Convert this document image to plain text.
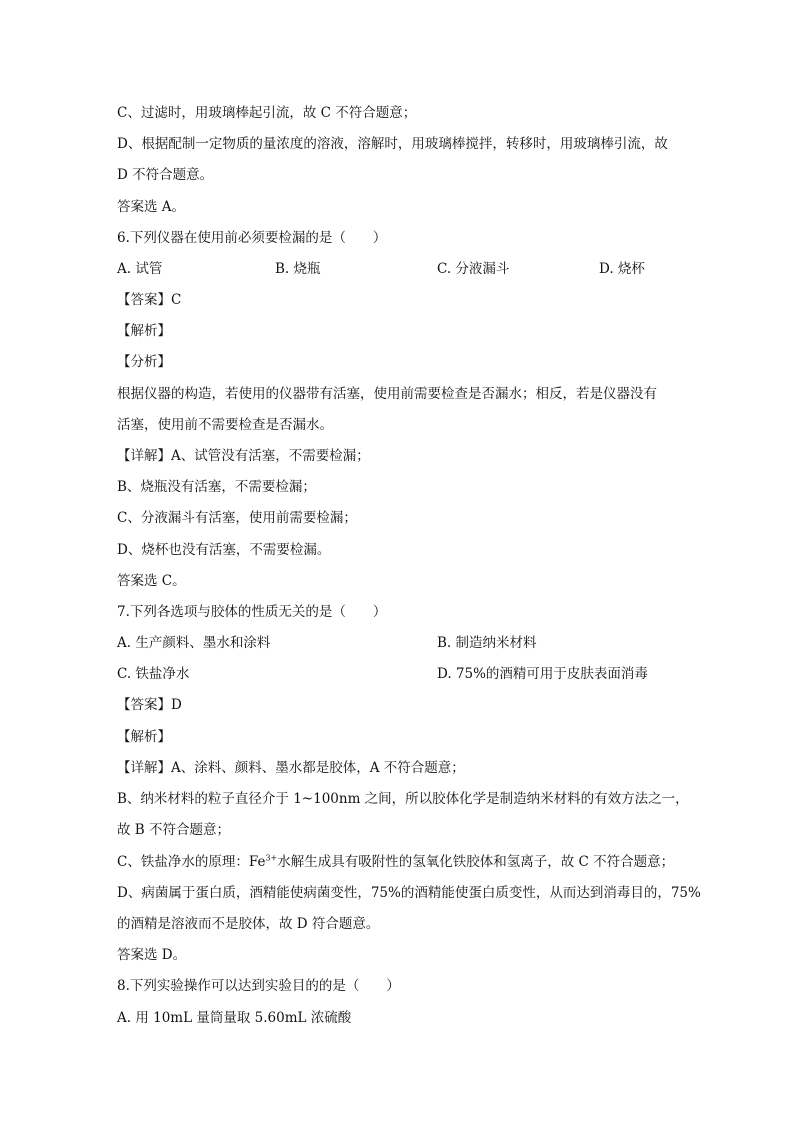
C、过滤时，用玻璃棒起引流，故 C 不符合题意；
D、根据配制一定物质的量浓度的溶液，溶解时，用玻璃棒搅拌，转移时，用玻璃棒引流，故
D 不符合题意。
答案选 A。
6.下列仪器在使用前必须要检漏的是（　　）
A. 试管	B. 烧瓶	C. 分液漏斗	D. 烧杯
【答案】C
【解析】
【分析】
根据仪器的构造，若使用的仪器带有活塞，使用前需要检查是否漏水；相反，若是仪器没有
活塞，使用前不需要检查是否漏水。
【详解】A、试管没有活塞，不需要检漏；
B、烧瓶没有活塞，不需要检漏；
C、分液漏斗有活塞，使用前需要检漏；
D、烧杯也没有活塞，不需要检漏。
答案选 C。
7.下列各选项与胶体的性质无关的是（　　）
A. 生产颜料、墨水和涂料	B. 制造纳米材料
C. 铁盐净水	D. 75%的酒精可用于皮肤表面消毒
【答案】D
【解析】
【详解】A、涂料、颜料、墨水都是胶体，A 不符合题意；
B、纳米材料的粒子直径介于 1~100nm 之间，所以胶体化学是制造纳米材料的有效方法之一，
故 B 不符合题意；
C、铁盐净水的原理：$Fe^{3+}$水解生成具有吸附性的氢氧化铁胶体和氢离子，故 C 不符合题意；
D、病菌属于蛋白质，酒精能使病菌变性，75%的酒精能使蛋白质变性，从而达到消毒目的，75%
的酒精是溶液而不是胶体，故 D 符合题意。
答案选 D。
8.下列实验操作可以达到实验目的的是（　　）
A. 用 10mL 量筒量取 5.60mL 浓硫酸
